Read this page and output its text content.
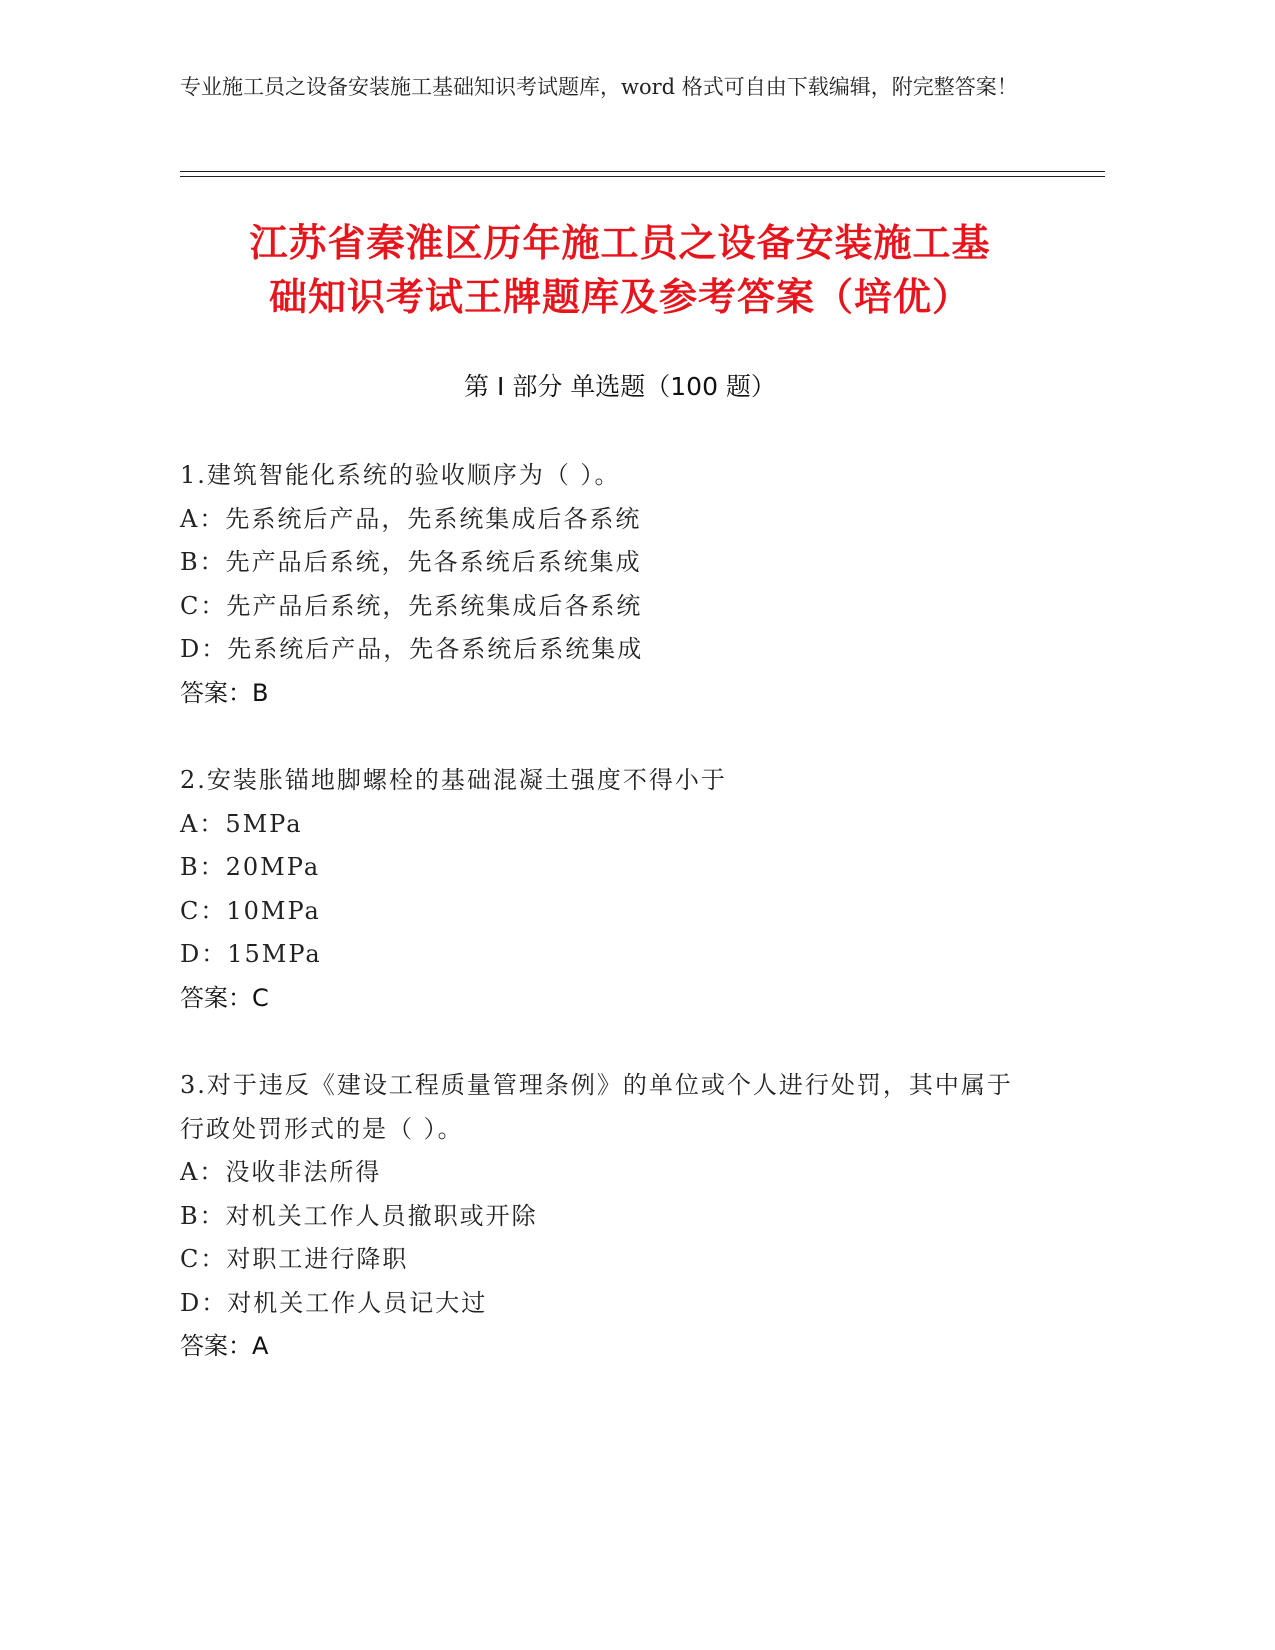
专业施工员之设备安装施工基础知识考试题库，word 格式可自由下载编辑，附完整答案！
江苏省秦淮区历年施工员之设备安装施工基
础知识考试王牌题库及参考答案（培优）
第 I 部分 单选题（100 题）
1.建筑智能化系统的验收顺序为（ ）。
A：先系统后产品，先系统集成后各系统
B：先产品后系统，先各系统后系统集成
C：先产品后系统，先系统集成后各系统
D：先系统后产品，先各系统后系统集成
答案：B
2.安装胀锚地脚螺栓的基础混凝土强度不得小于
A：5MPa
B：20MPa
C：10MPa
D：15MPa
答案：C
3.对于违反《建设工程质量管理条例》的单位或个人进行处罚，其中属于行政处罚形式的是（ ）。
A：没收非法所得
B：对机关工作人员撤职或开除
C：对职工进行降职
D：对机关工作人员记大过
答案：A
